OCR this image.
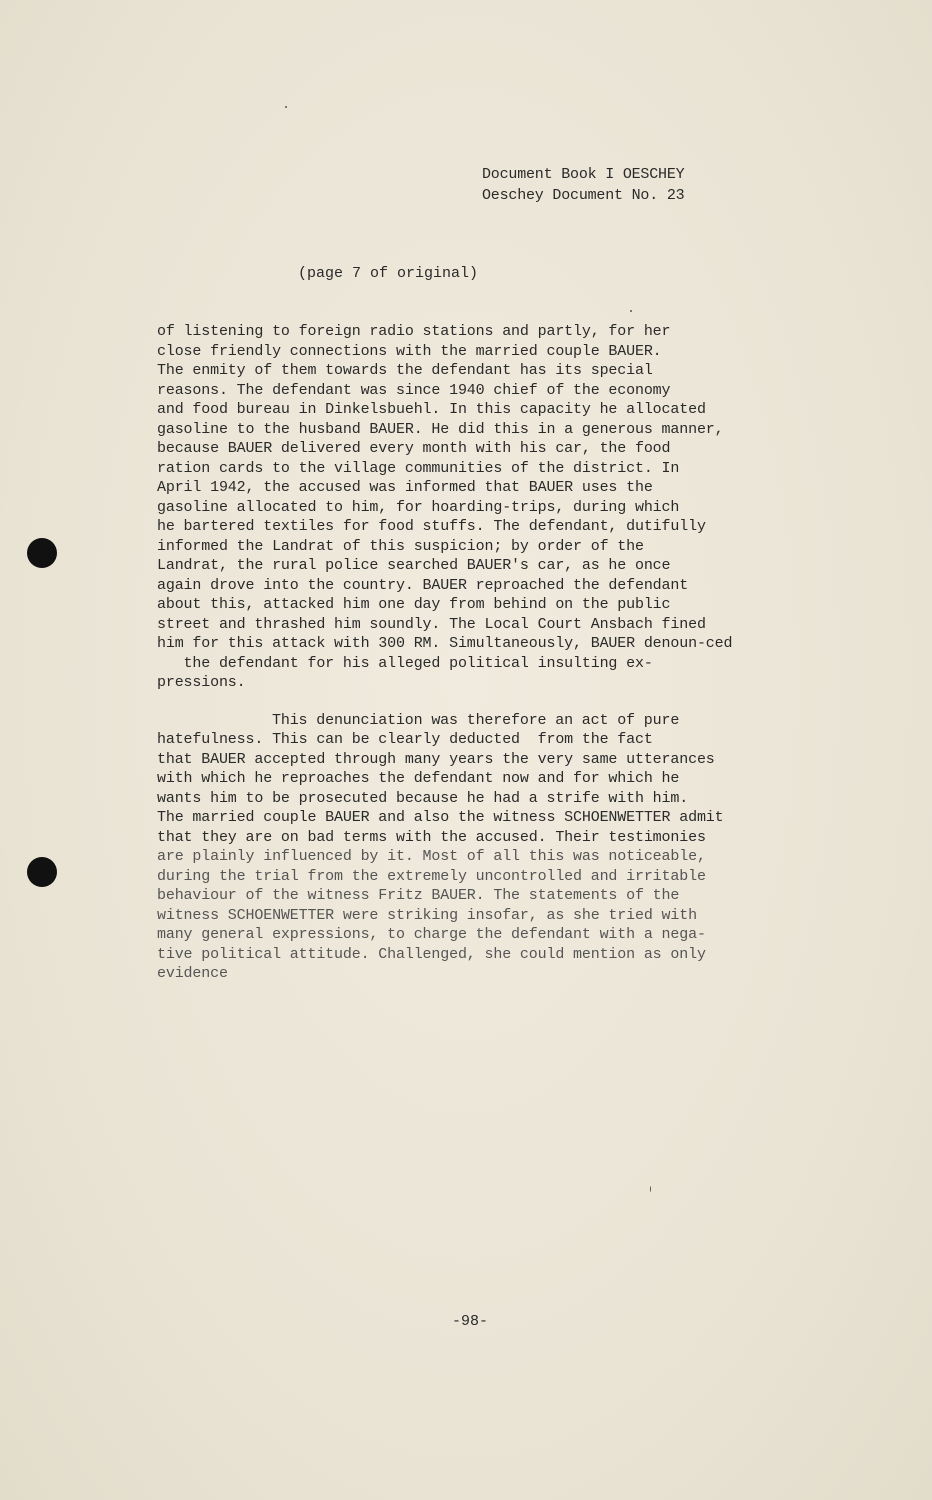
Document Book I OESCHEY
Oeschey Document No. 23
(page 7 of original)
of listening to foreign radio stations and partly, for her
close friendly connections with the married couple BAUER.
The enmity of them towards the defendant has its special
reasons. The defendant was since 1940 chief of the economy
and food bureau in Dinkelsbuehl. In this capacity he allocated
gasoline to the husband BAUER. He did this in a generous manner,
because BAUER delivered every month with his car, the food
ration cards to the village communities of the district. In
April 1942, the accused was informed that BAUER uses the
gasoline allocated to him, for hoarding-trips, during which
he bartered textiles for food stuffs. The defendant, dutifully
informed the Landrat of this suspicion; by order of the
Landrat, the rural police searched BAUER's car, as he once
again drove into the country. BAUER reproached the defendant
about this, attacked him one day from behind on the public
street and thrashed him soundly. The Local Court Ansbach fined
him for this attack with 300 RM. Simultaneously, BAUER denoun-ced
the defendant for his alleged political insulting ex-
pressions.
This denunciation was therefore an act of pure
hatefulness. This can be clearly deducted  from the fact
that BAUER accepted through many years the very same utterances
with which he reproaches the defendant now and for which he
wants him to be prosecuted because he had a strife with him.
The married couple BAUER and also the witness SCHOENWETTER admit
that they are on bad terms with the accused. Their testimonies
are plainly influenced by it. Most of all this was noticeable,
during the trial from the extremely uncontrolled and irritable
behaviour of the witness Fritz BAUER. The statements of the
witness SCHOENWETTER were striking insofar, as she tried with
many general expressions, to charge the defendant with a nega-
tive political attitude. Challenged, she could mention as only
evidence
-98-
